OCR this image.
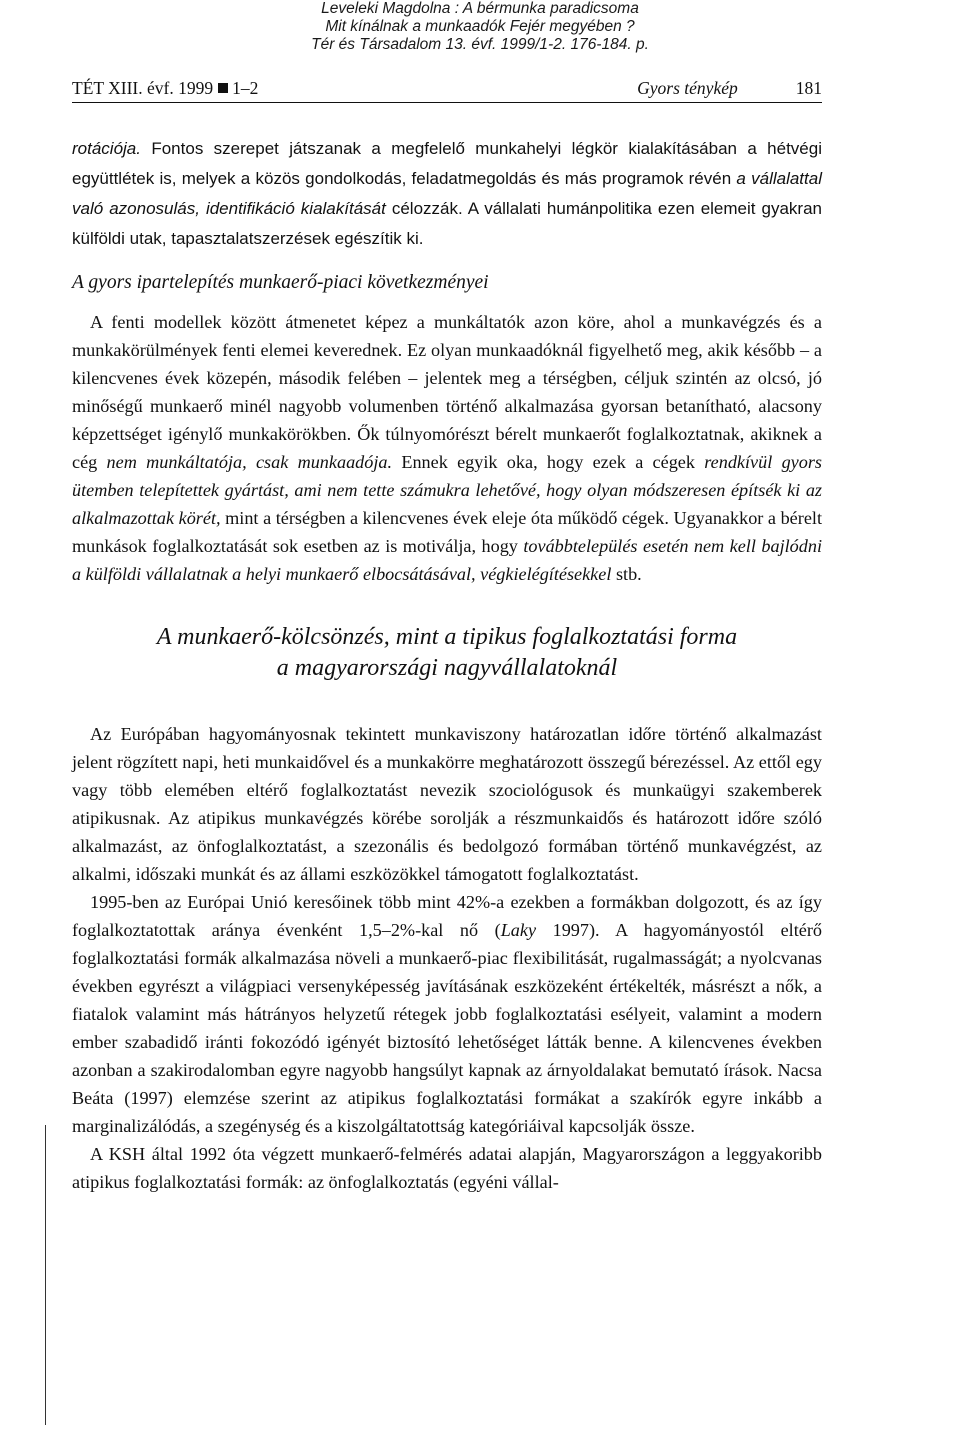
Leveleki Magdolna : A bérmunka paradicsoma
Mit kínálnak a munkaadók Fejér megyében ?
Tér és Társadalom 13. évf. 1999/1-2. 176-184. p.
TÉT XIII. évf. 1999 1–2	Gyors ténykép	181

rotációja. Fontos szerepet játszanak a megfelelő munkahelyi légkör kialakításában a hétvégi együttlétek is, melyek a közös gondolkodás, feladatmegoldás és más programok révén a vállalattal való azonosulás, identifikáció kialakítását célozzák. A vállalati humánpolitika ezen elemeit gyakran külföldi utak, tapasztalatszerzések egészítik ki.

A gyors ipartelepítés munkaerő-piaci következményei

A fenti modellek között átmenetet képez a munkáltatók azon köre, ahol a munkavégzés és a munkakörülmények fenti elemei keverednek. Ez olyan munkaadóknál figyelhető meg, akik később – a kilencvenes évek közepén, második felében – jelentek meg a térségben, céljuk szintén az olcsó, jó minőségű munkaerő minél nagyobb volumenben történő alkalmazása gyorsan betanítható, alacsony képzettséget igénylő munkakörökben. Ők túlnyomórészt bérelt munkaerőt foglalkoztatnak, akiknek a cég nem munkáltatója, csak munkaadója. Ennek egyik oka, hogy ezek a cégek rendkívül gyors ütemben telepítettek gyártást, ami nem tette számukra lehetővé, hogy olyan módszeresen építsék ki az alkalmazottak körét, mint a térségben a kilencvenes évek eleje óta működő cégek. Ugyanakkor a bérelt munkások foglalkoztatását sok esetben az is motiválja, hogy továbbtelepülés esetén nem kell bajlódni a külföldi vállalatnak a helyi munkaerő elbocsátásával, végkielégítésekkel stb.

A munkaerő-kölcsönzés, mint a tipikus foglalkoztatási forma
a magyarországi nagyvállalatoknál

Az Európában hagyományosnak tekintett munkaviszony határozatlan időre történő alkalmazást jelent rögzített napi, heti munkaidővel és a munkakörre meghatározott összegű bérezéssel. Az ettől egy vagy több elemében eltérő foglalkoztatást nevezik szociológusok és munkaügyi szakemberek atipikusnak. Az atipikus munkavégzés körébe sorolják a részmunkaidős és határozott időre szóló alkalmazást, az önfoglalkoztatást, a szezonális és bedolgozó formában történő munkavégzést, az alkalmi, időszaki munkát és az állami eszközökkel támogatott foglalkoztatást.

1995-ben az Európai Unió keresőinek több mint 42%-a ezekben a formákban dolgozott, és az így foglalkoztatottak aránya évenként 1,5–2%-kal nő (Laky 1997). A hagyományostól eltérő foglalkoztatási formák alkalmazása növeli a munkaerő-piac flexibilitását, rugalmasságát; a nyolcvanas években egyrészt a világpiaci versenyképesség javításának eszközeként értékelték, másrészt a nők, a fiatalok valamint más hátrányos helyzetű rétegek jobb foglalkoztatási esélyeit, valamint a modern ember szabadidő iránti fokozódó igényét biztosító lehetőséget látták benne. A kilencvenes években azonban a szakirodalomban egyre nagyobb hangsúlyt kapnak az árnyoldalakat bemutató írások. Nacsa Beáta (1997) elemzése szerint az atipikus foglalkoztatási formákat a szakírók egyre inkább a marginalizálódás, a szegénység és a kiszolgáltatottság kategóriáival kapcsolják össze.

A KSH által 1992 óta végzett munkaerő-felmérés adatai alapján, Magyarországon a leggyakoribb atipikus foglalkoztatási formák: az önfoglalkoztatás (egyéni vállal-
